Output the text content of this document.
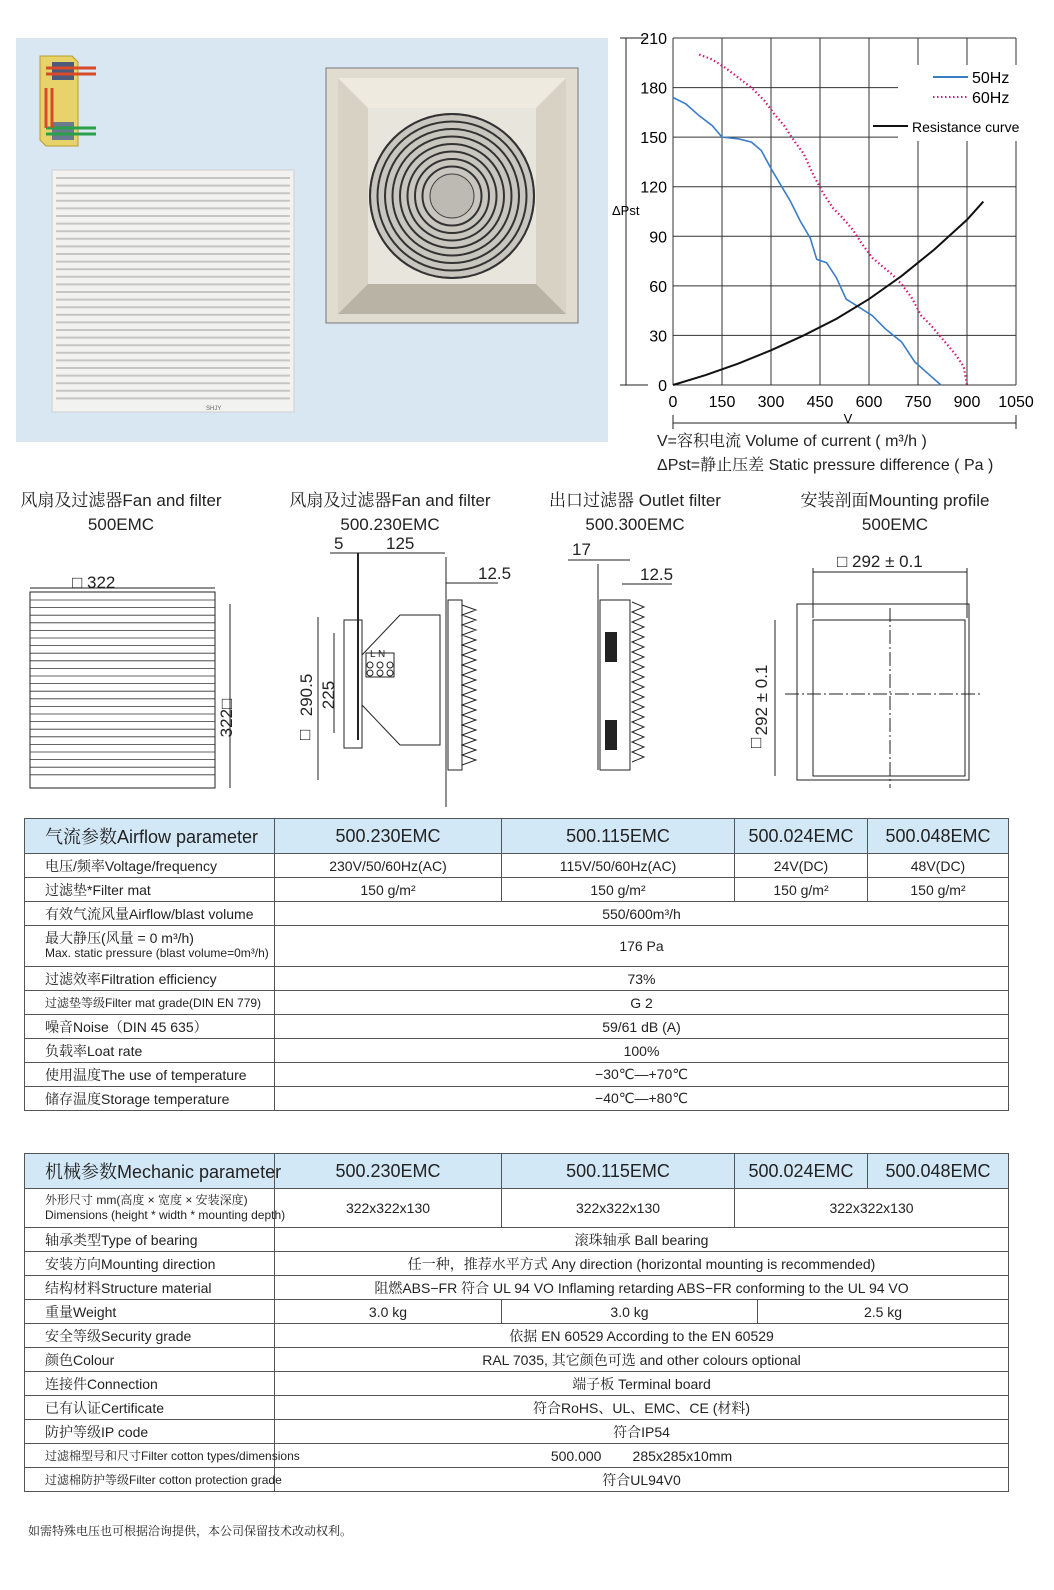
SHJY
0
30
60
90
120
150
180
210
0 150 300 450 600 750 900 1050
ΔPst
V
50Hz
60Hz
Resistance curve
V=容积电流 Volume of current ( m³/h )
ΔPst=静止压差 Static pressure difference ( Pa )
风扇及过滤器Fan and filter
500EMC
风扇及过滤器Fan and filter
500.230EMC
出口过滤器 Outlet filter
500.300EMC
安装剖面Mounting profile
500EMC
□ 322
322□
5	125
12.5
L N
290.5 225
□
17
12.5
□ 292 ± 0.1
292 ± 0.1
□
气流参数Airflow parameter	500.230EMC	500.115EMC	500.024EMC	500.048EMC
电压/频率Voltage/frequency	230V/50/60Hz(AC)	115V/50/60Hz(AC)	24V(DC)	48V(DC)
过滤垫*Filter mat	150 g/m²	150 g/m²	150 g/m²	150 g/m²
有效气流风量Airflow/blast volume	550/600m³/h			

最大静压(风量 = 0 m³/h)
Max. static pressure (blast volume=0m³/h)	176 Pa			
过滤效率Filtration efficiency	73%			
过滤垫等级Filter mat grade(DIN EN 779)	G 2			
噪音Noise（DIN 45 635）	59/61 dB (A)			
负载率Loat rate	100%			
使用温度The use of temperature	−30℃—+70℃			
储存温度Storage temperature	−40℃—+80℃			
机械参数Mechanic parameter	500.230EMC	500.115EMC	500.024EMC		500.048EMC

外形尺寸 mm(高度 × 宽度 × 安装深度)
Dimensions (height * width * mounting depth)	322x322x130	322x322x130	322x322x130		
轴承类型Type of bearing	滚珠轴承 Ball bearing				
安装方向Mounting direction	任一种，推荐水平方式 Any direction (horizontal mounting is recommended)				
结构材料Structure material	阻燃ABS−FR 符合 UL 94 VO Inflaming retarding ABS−FR conforming to the UL 94 VO				
重量Weight	3.0 kg	3.0 kg		2.5 kg	
安全等级Security grade	依据 EN 60529 According to the EN 60529				
颜色Colour	RAL 7035, 其它颜色可选 and other colours optional				
连接件Connection	端子板 Terminal board				
已有认证Certificate	符合RoHS、UL、EMC、CE (材料)				
防护等级IP code	符合IP54				
过滤棉型号和尺寸Filter cotton types/dimensions	500.000        285x285x10mm				
过滤棉防护等级Filter cotton protection grade	符合UL94V0				
如需特殊电压也可根据洽询提供，本公司保留技术改动权利。
